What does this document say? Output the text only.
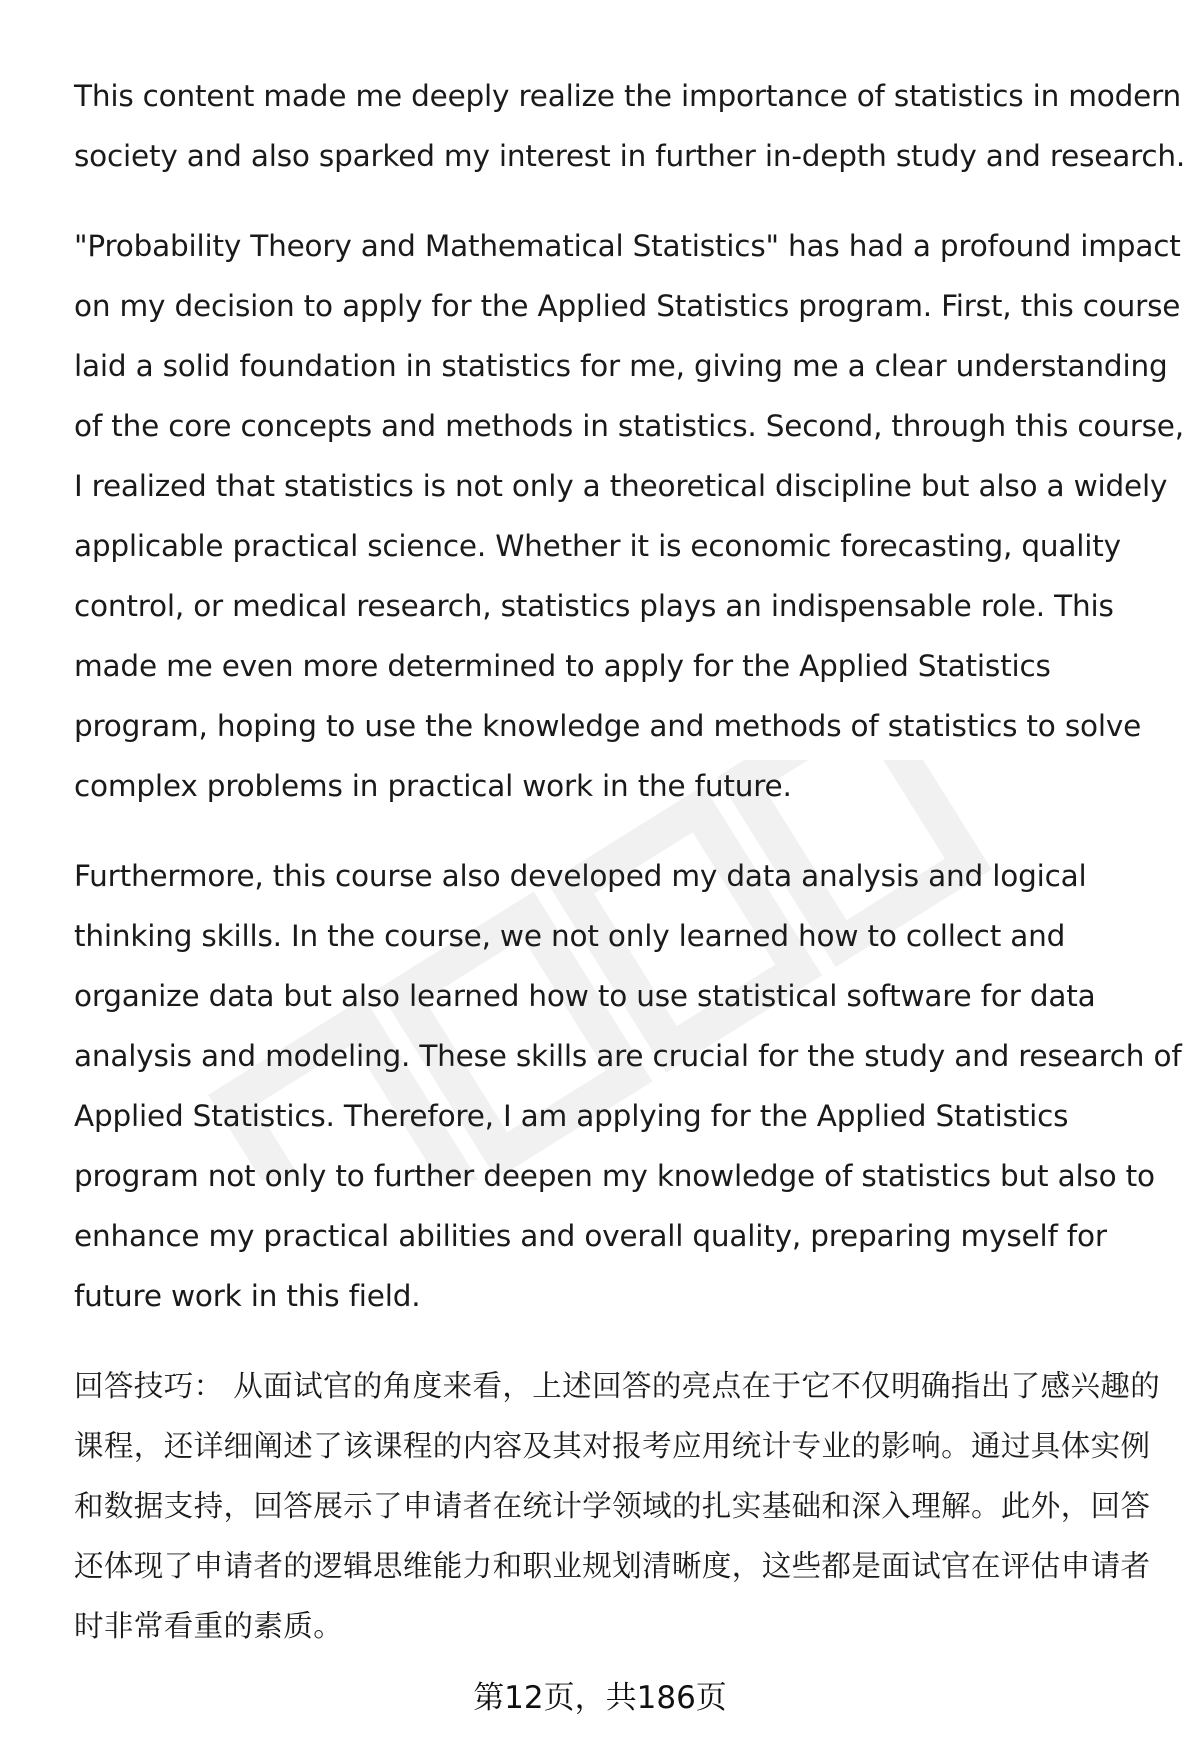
This content made me deeply realize the importance of statistics in modern
society and also sparked my interest in further in-depth study and research.

"Probability Theory and Mathematical Statistics" has had a profound impact
on my decision to apply for the Applied Statistics program. First, this course
laid a solid foundation in statistics for me, giving me a clear understanding
of the core concepts and methods in statistics. Second, through this course,
I realized that statistics is not only a theoretical discipline but also a widely
applicable practical science. Whether it is economic forecasting, quality
control, or medical research, statistics plays an indispensable role. This
made me even more determined to apply for the Applied Statistics
program, hoping to use the knowledge and methods of statistics to solve
complex problems in practical work in the future.

Furthermore, this course also developed my data analysis and logical
thinking skills. In the course, we not only learned how to collect and
organize data but also learned how to use statistical software for data
analysis and modeling. These skills are crucial for the study and research of
Applied Statistics. Therefore, I am applying for the Applied Statistics
program not only to further deepen my knowledge of statistics but also to
enhance my practical abilities and overall quality, preparing myself for
future work in this field.

回答技巧： 从面试官的角度来看，上述回答的亮点在于它不仅明确指出了感兴趣的
课程，还详细阐述了该课程的内容及其对报考应用统计专业的影响。通过具体实例
和数据支持，回答展示了申请者在统计学领域的扎实基础和深入理解。此外，回答
还体现了申请者的逻辑思维能力和职业规划清晰度，这些都是面试官在评估申请者
时非常看重的素质。

第12页，共186页
